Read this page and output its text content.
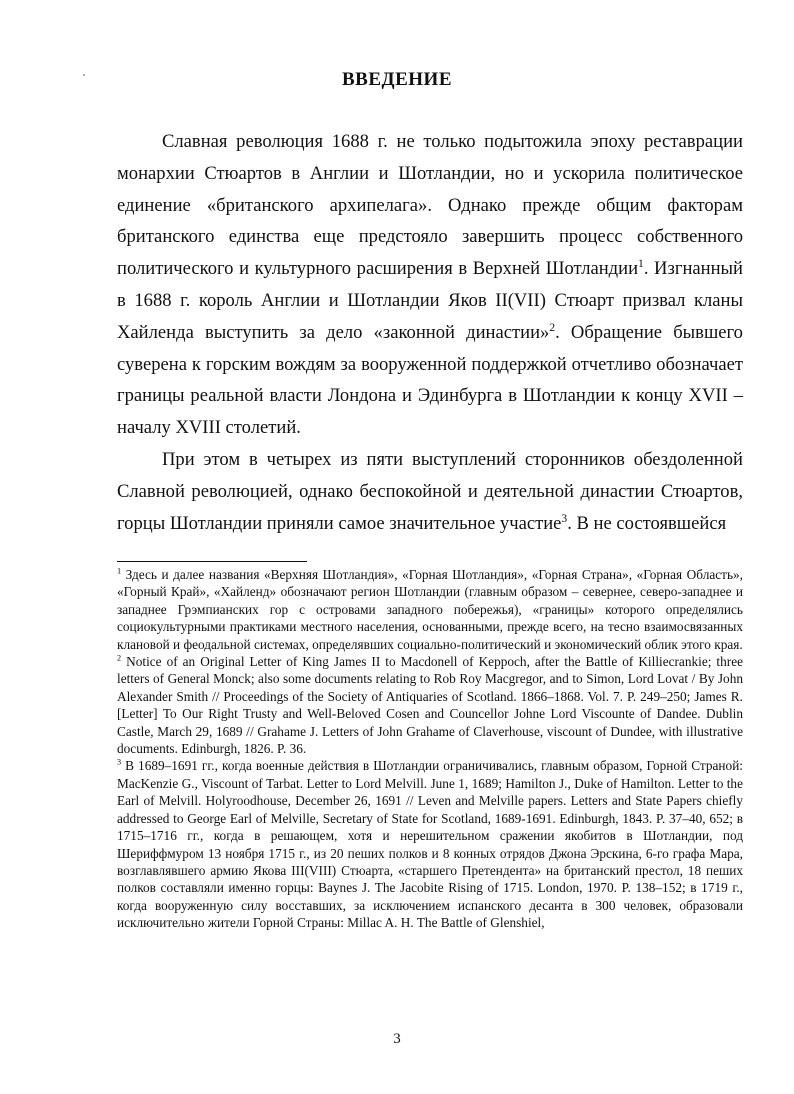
ВВЕДЕНИЕ

Славная революция 1688 г. не только подытожила эпоху реставрации монархии Стюартов в Англии и Шотландии, но и ускорила политическое единение «британского архипелага». Однако прежде общим факторам британского единства еще предстояло завершить процесс собственного политического и культурного расширения в Верхней Шотландии$^1$. Изгнанный в 1688 г. король Англии и Шотландии Яков II(VII) Стюарт призвал кланы Хайленда выступить за дело «законной династии»$^2$. Обращение бывшего суверена к горским вождям за вооруженной поддержкой отчетливо обозначает границы реальной власти Лондона и Эдинбурга в Шотландии к концу XVII – началу XVIII столетий.

При этом в четырех из пяти выступлений сторонников обездоленной Славной революцией, однако беспокойной и деятельной династии Стюартов, горцы Шотландии приняли самое значительное участие$^3$. В не состоявшейся

$^1$ Здесь и далее названия «Верхняя Шотландия», «Горная Шотландия», «Горная Страна», «Горная Область», «Горный Край», «Хайленд» обозначают регион Шотландии (главным образом – севернее, северо-западнее и западнее Грэмпианских гор с островами западного побережья), «границы» которого определялись социокультурными практиками местного населения, основанными, прежде всего, на тесно взаимосвязанных клановой и феодальной системах, определявших социально-политический и экономический облик этого края.

$^2$ Notice of an Original Letter of King James II to Macdonell of Keppoch, after the Battle of Killiecrankie; three letters of General Monck; also some documents relating to Rob Roy Macgregor, and to Simon, Lord Lovat / By John Alexander Smith // Proceedings of the Society of Antiquaries of Scotland. 1866–1868. Vol. 7. P. 249–250; James R. [Letter] To Our Right Trusty and Well-Beloved Cosen and Councellor Johne Lord Viscounte of Dandee. Dublin Castle, March 29, 1689 // Grahame J. Letters of John Grahame of Claverhouse, viscount of Dundee, with illustrative documents. Edinburgh, 1826. P. 36.

$^3$ В 1689–1691 гг., когда военные действия в Шотландии ограничивались, главным образом, Горной Страной: MacKenzie G., Viscount of Tarbat. Letter to Lord Melvill. June 1, 1689; Hamilton J., Duke of Hamilton. Letter to the Earl of Melvill. Holyroodhouse, December 26, 1691 // Leven and Melville papers. Letters and State Papers chiefly addressed to George Earl of Melville, Secretary of State for Scotland, 1689-1691. Edinburgh, 1843. P. 37–40, 652; в 1715–1716 гг., когда в решающем, хотя и нерешительном сражении якобитов в Шотландии, под Шериффмуром 13 ноября 1715 г., из 20 пеших полков и 8 конных отрядов Джона Эрскина, 6-го графа Мара, возглавлявшего армию Якова III(VIII) Стюарта, «старшего Претендента» на британский престол, 18 пеших полков составляли именно горцы: Baynes J. The Jacobite Rising of 1715. London, 1970. P. 138–152; в 1719 г., когда вооруженную силу восставших, за исключением испанского десанта в 300 человек, образовали исключительно жители Горной Страны: Millac A. H. The Battle of Glenshiel,

3
